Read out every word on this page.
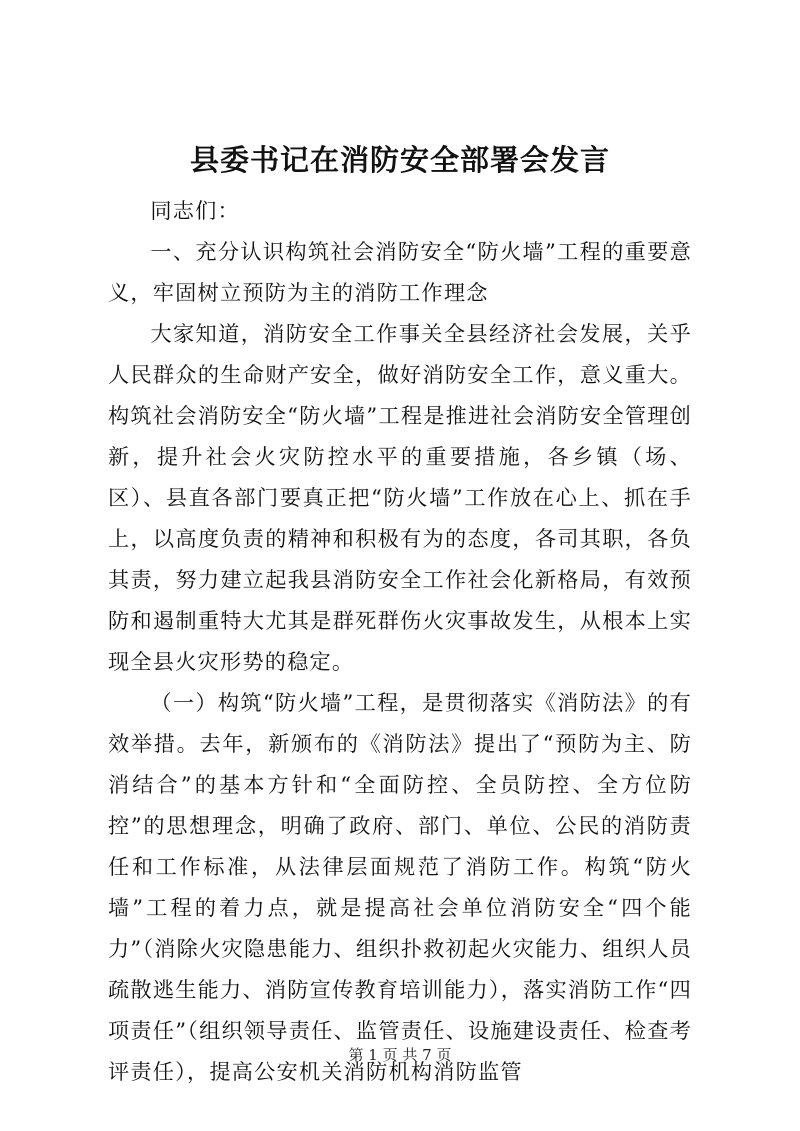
县委书记在消防安全部署会发言

同志们：

一、充分认识构筑社会消防安全“防火墙”工程的重要意义，牢固树立预防为主的消防工作理念

大家知道，消防安全工作事关全县经济社会发展，关乎人民群众的生命财产安全，做好消防安全工作，意义重大。构筑社会消防安全“防火墙”工程是推进社会消防安全管理创新，提升社会火灾防控水平的重要措施，各乡镇（场、区）、县直各部门要真正把“防火墙”工作放在心上、抓在手上，以高度负责的精神和积极有为的态度，各司其职，各负其责，努力建立起我县消防安全工作社会化新格局，有效预防和遏制重特大尤其是群死群伤火灾事故发生，从根本上实现全县火灾形势的稳定。

（一）构筑“防火墙”工程，是贯彻落实《消防法》的有效举措。去年，新颁布的《消防法》提出了“预防为主、防消结合”的基本方针和“全面防控、全员防控、全方位防控”的思想理念，明确了政府、部门、单位、公民的消防责任和工作标准，从法律层面规范了消防工作。构筑“防火墙”工程的着力点，就是提高社会单位消防安全“四个能力”（消除火灾隐患能力、组织扑救初起火灾能力、组织人员疏散逃生能力、消防宣传教育培训能力），落实消防工作“四项责任”（组织领导责任、监管责任、设施建设责任、检查考评责任），提高公安机关消防机构消防监管

第 1 页 共 7 页
